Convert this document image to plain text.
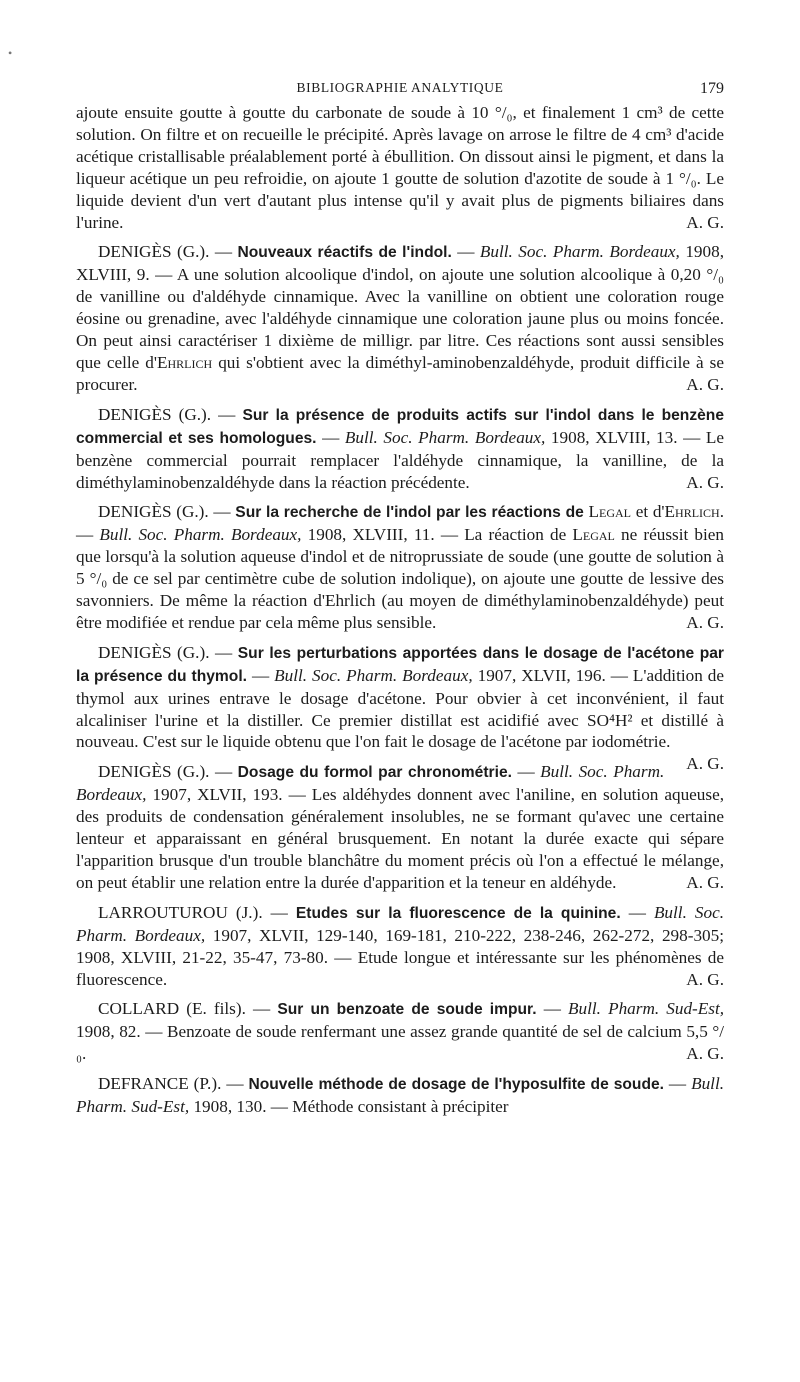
•
BIBLIOGRAPHIE ANALYTIQUE	179

ajoute ensuite goutte à goutte du carbonate de soude à 10 °/₀, et finalement 1 cm³ de cette solution. On filtre et on recueille le précipité. Après lavage on arrose le filtre de 4 cm³ d'acide acétique cristallisable préalablement porté à ébullition. On dissout ainsi le pigment, et dans la liqueur acétique un peu refroidie, on ajoute 1 goutte de solution d'azotite de soude à 1 °/₀. Le liquide devient d'un vert d'autant plus intense qu'il y avait plus de pigments biliaires dans l'urine.	A. G.

DENIGÈS (G.). — Nouveaux réactifs de l'indol. — Bull. Soc. Pharm. Bordeaux, 1908, XLVIII, 9. — A une solution alcoolique d'indol, on ajoute une solution alcoolique à 0,20 °/₀ de vanilline ou d'aldéhyde cinnamique. Avec la vanilline on obtient une coloration rouge éosine ou grenadine, avec l'aldéhyde cinnamique une coloration jaune plus ou moins foncée. On peut ainsi caractériser 1 dixième de milligr. par litre. Ces réactions sont aussi sensibles que celle d'Ehrlich qui s'obtient avec la diméthyl-aminobenzaldéhyde, produit difficile à se procurer.	A. G.

DENIGÈS (G.). — Sur la présence de produits actifs sur l'indol dans le benzène commercial et ses homologues. — Bull. Soc. Pharm. Bordeaux, 1908, XLVIII, 13. — Le benzène commercial pourrait remplacer l'aldéhyde cinnamique, la vanilline, de la diméthylaminobenzaldéhyde dans la réaction précédente.	A. G.

DENIGÈS (G.). — Sur la recherche de l'indol par les réactions de Legal et d'Ehrlich. — Bull. Soc. Pharm. Bordeaux, 1908, XLVIII, 11. — La réaction de Legal ne réussit bien que lorsqu'à la solution aqueuse d'indol et de nitroprussiate de soude (une goutte de solution à 5 °/₀ de ce sel par centimètre cube de solution indolique), on ajoute une goutte de lessive des savonniers. De même la réaction d'Ehrlich (au moyen de diméthylaminobenzaldéhyde) peut être modifiée et rendue par cela même plus sensible.	A. G.

DENIGÈS (G.). — Sur les perturbations apportées dans le dosage de l'acétone par la présence du thymol. — Bull. Soc. Pharm. Bordeaux, 1907, XLVII, 196. — L'addition de thymol aux urines entrave le dosage d'acétone. Pour obvier à cet inconvénient, il faut alcaliniser l'urine et la distiller. Ce premier distillat est acidifié avec SO⁴H² et distillé à nouveau. C'est sur le liquide obtenu que l'on fait le dosage de l'acétone par iodométrie.
A. G.

DENIGÈS (G.). — Dosage du formol par chronométrie. — Bull. Soc. Pharm. Bordeaux, 1907, XLVII, 193. — Les aldéhydes donnent avec l'aniline, en solution aqueuse, des produits de condensation généralement insolubles, ne se formant qu'avec une certaine lenteur et apparaissant en général brusquement. En notant la durée exacte qui sépare l'apparition brusque d'un trouble blanchâtre du moment précis où l'on a effectué le mélange, on peut établir une relation entre la durée d'apparition et la teneur en aldéhyde.	A. G.

LARROUTUROU (J.). — Etudes sur la fluorescence de la quinine. — Bull. Soc. Pharm. Bordeaux, 1907, XLVII, 129-140, 169-181, 210-222, 238-246, 262-272, 298-305; 1908, XLVIII, 21-22, 35-47, 73-80. — Etude longue et intéressante sur les phénomènes de fluorescence.	A. G.

COLLARD (E. fils). — Sur un benzoate de soude impur. — Bull. Pharm. Sud-Est, 1908, 82. — Benzoate de soude renfermant une assez grande quantité de sel de calcium 5,5 °/₀.	A. G.

DEFRANCE (P.). — Nouvelle méthode de dosage de l'hyposulfite de soude. — Bull. Pharm. Sud-Est, 1908, 130. — Méthode consistant à précipiter
